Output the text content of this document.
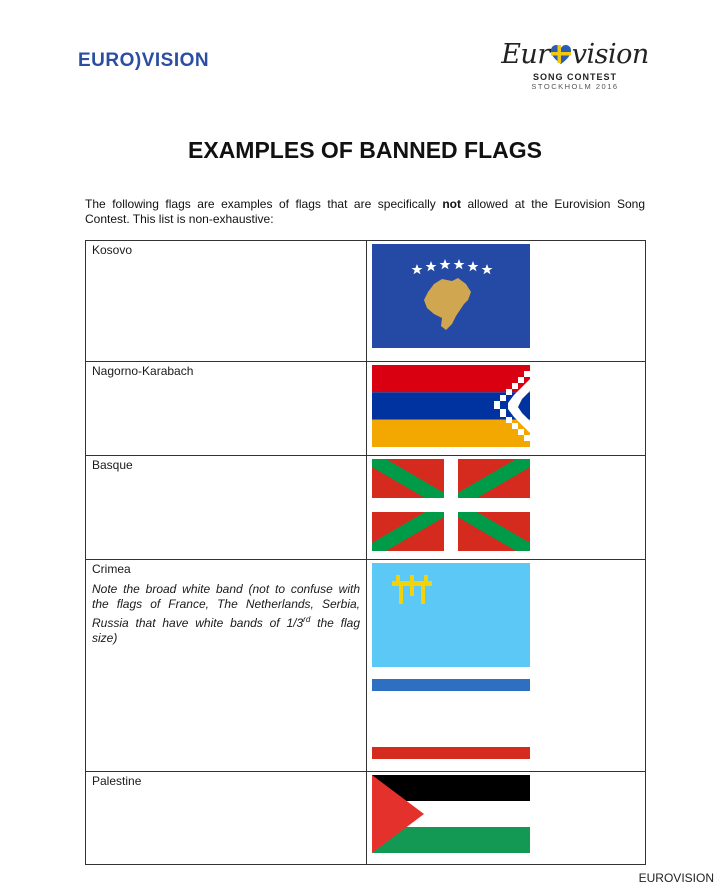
EURO)VISION	Eur vision
SONG CONTEST
STOCKHOLM 2016
EXAMPLES OF BANNED FLAGS
The following flags are examples of flags that are specifically not allowed at the Eurovision Song Contest. This list is non-exhaustive:
Kosovo

Nagorno-Karabach

Basque

Crimea
Note the broad white band (not to confuse with the flags of France, The Netherlands, Serbia, Russia that have white bands of 1/3rd the flag size)

Palestine

EUROVISION
